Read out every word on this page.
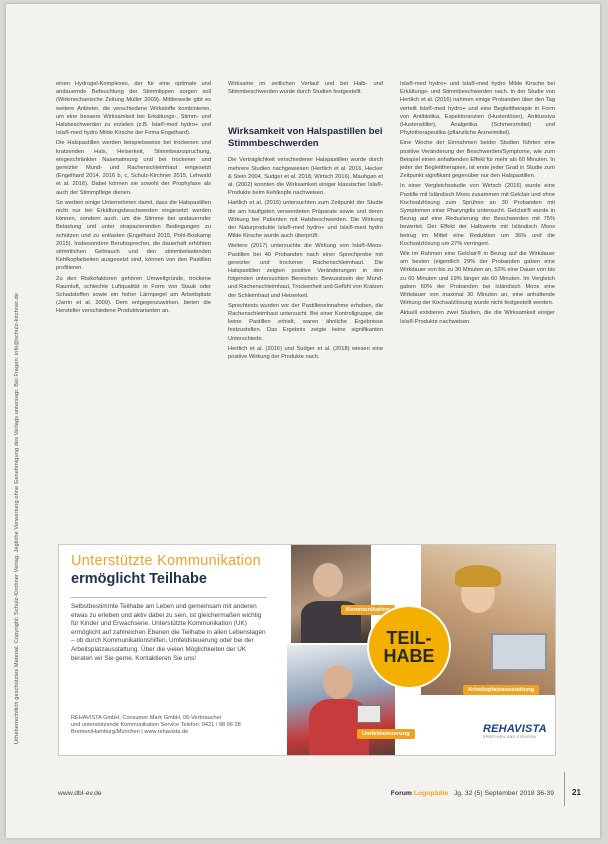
Urheberrechtlich geschütztes Material. Copyright: Schulz-Kirchner Verlag. Jegliche Verwertung ohne Genehmigung des Verlags untersagt. Bei Fragen: info@schulz-kirchner.de

einen Hydrogel-Komplexes, der für eine optimale und andauernde Befeuchtung der Stimmlippen sorgen soll (Wirkmechanische Zeitung Müller 2009). Mittlerweile gibt es weitere Anbieter, die verschiedene Wirkstoffe kombinieren, um eine bessere Wirksamkeit bei Erkältungs-, Stimm- und Halsbeschwerden zu erzielen (z.B. Isla®-med hydro+ und Isla®-med hydro Milde Kirsche der Firma Engelhard).

Die Halspastillen werden beispielsweise bei trockenen und kratzenden Hals, Heiserkeit, Stimmbeanspruchung, eingeschränkter Nasenatmung und bei trockener und gereizter Mund- und Rachenschleimhaut eingesetzt (Engelhard 2014, 2016 b, c, Schulz-Kirchner 2015, Lehwald et al. 2016). Dabei können sie sowohl der Prophylaxe als auch der Stimmpflege dienen.

So werben einige Unternehmen damit, dass die Halspastillen nicht nur bei Erkältungsbeschwerden eingesetzt werden können, sondern auch, um die Stimme bei andauernder Belastung und unter strapazierenden Bedingungen zu schützen und zu entlasten (Engelhard 2015, Pohl-Boskamp 2015). Insbesondere Berufssprecher, die dauerhaft erhöhten stimmlichen Gebrauch und den stimmbelastenden Kehlkopfarbeiten ausgesetzt sind, können von den Pastillen profitieren.

Zu den Risikofaktoren gehören Umweltgründe, trockene Raumluft, schlechte Luftqualität in Form von Staub oder Schadstoffen sowie ein hoher Lärmpegel am Arbeitsplatz (Jarrin et al. 2009). Dem entgegenzuwirken, bieten die Hersteller verschiedene Produktvarianten an.

Wirksame im zeitlichen Verlauf und bei Halb- und Stimmbeschwerden wurde durch Studien festgestellt.

Wirksamkeit von Halspastillen bei Stimmbeschwerden

Die Verträglichkeit verschiedener Halspastillen wurde durch mehrere Studien nachgewiesen (Hertlich et al. 2016, Hecker & Stein 2004, Sudger et al. 2018, Wirtsch 2016). Mauhgan et al. (2002) konnten die Wirksamkeit einiger klassischer Isla®-Produkte beim Kehlkopfe nachweisen.

Hartlich et al. (2016) untersuchten zum Zeitpunkt der Studie die am häufigsten verwendeten Präparate sowie und deren Wirkung bei Patienten mit Halsbeschwerden. Die Wirkung der Naturprodukte Isla®-med hydro+ und Isla®-med hydro Milde Kirsche wurde auch überprüft.

Weitere (2017) untersuchte die Wirkung von Isla®-Moos-Pastillen bei 40 Probanden nach einer Sprechprobe mit gereizter und trockener Rachenschleimhaut. Die Halspastillen zeigten positive Veränderungen in den folgenden untersuchten Bereichen: Bewusstsein der Mund- und Rachenschleimhaut, Trockenheit und Gefühl von Kratzen der Schleimhaut und Heiserkeit.

Sprechtests wurden vor der Pastilleneinnahme erhoben, die Rachenschleimhaut untersucht. Bei einer Kontrollgruppe, die keine Pastillen erhielt, waren ähnliche Ergebnisse festzustellen. Das Ergebnis zeigte keine signifikanten Unterschiede.

Hertlich et al. (2016) und Sudger et al. (2018) wiesen eine positive Wirkung der Produkte nach.

Isla®-med hydro+ und Isla®-med hydro Milde Kirsche bei Erkältungs- und Stimmbeschwerden nach. In der Studie von Hertlich et al. (2016) nahmen einige Probanden über den Tag verteilt Isla®-med hydro+ und eine Begleittherapie in Form von Antibiotika, Expektoranzien (Hustenlöser), Antitussiva (Hustenstiller), Analgetika (Schmerzmittel) und Phytotherapeutika (pflanzliche Arzneimittel).

Eine Woche der Einnahmen beider Studien führten eine positive Veränderung der Beschwerden/Symptome, wie zum Beispiel einen anhaltenden Effekt für mehr als 60 Minuten. In jeder der Begleittherapien, ist erste jeder Grad in Studie zum Zeitpunkt signifikant gegenüber nur den Halspastillen.

In einer Vergleichsstudie von Wirtsch (2016) wurde eine Pastille mit Isländisch Moos zusammen mit Gelclair und ohne Kochsalzlösung zum Sprühen an 30 Probanden mit Symptomen einer Pharyngitis untersucht. Gelclair® wurde in Bezug auf eine Reduzierung der Beschwerden mit 75% bewertet. Der Effekt der Halbwerte mit Isländisch Moos betrug im Mittel eine Reduktion um 36% und die Kochsalzlösung um 27% verringert.

Wie im Rahmen eine Gelclair® in Bezug auf die Wirkdauer am besten (eigentlich 29% der Probanden gaben eine Wirkdauer von bis zu 30 Minuten an, 52% eine Dauer von bis zu 60 Minuten und 19% länger als 60 Minuten. Im Vergleich gaben 60% der Probanden bei Isländisch Moos eine Wirkdauer von maximal 30 Minuten an, eine anhaltende Wirkung der Kochsalzlösung wurde nicht festgestellt werden.

Aktuell existieren zwei Studien, die die Wirksamkeit einiger Isla®-Produkte nachweisen.

Unterstützte Kommunikation
ermöglicht Teilhabe
Selbstbestimmte Teilhabe am Leben und gemeinsam mit anderen etwas zu erleben und aktiv dabei zu sein, ist gleichermaßen wichtig für Kinder und Erwachsene. Unterstützte Kommunikation (UK) ermöglicht auf zahlreichen Ebenen die Teilhabe in allen Lebenslagen – ob durch Kommunikationshilfen, Umfeldsteuerung oder bei der Arbeitsplatzausstattung. Über die vielen Möglichkeiten der UK beraten wir Sie gerne. Kontaktieren Sie uns!
REHAVISTA GmbH, Consumer Mark GmbH, 06-Verbraucher
und unterstützende Kommunikation Service Telefon: 0421 / 98 96 28
Bremen/Hamburg/München | www.rehavista.de
Kommunikation
Arbeitsplatzausstattung
Umfeldsteuerung
TEIL-
HABE
REHAVISTA
SPRECHEN UND STEUERN
www.dbl-ev.de	Forum Logopädie Jg. 32 (5) September 2018 36-39 21
